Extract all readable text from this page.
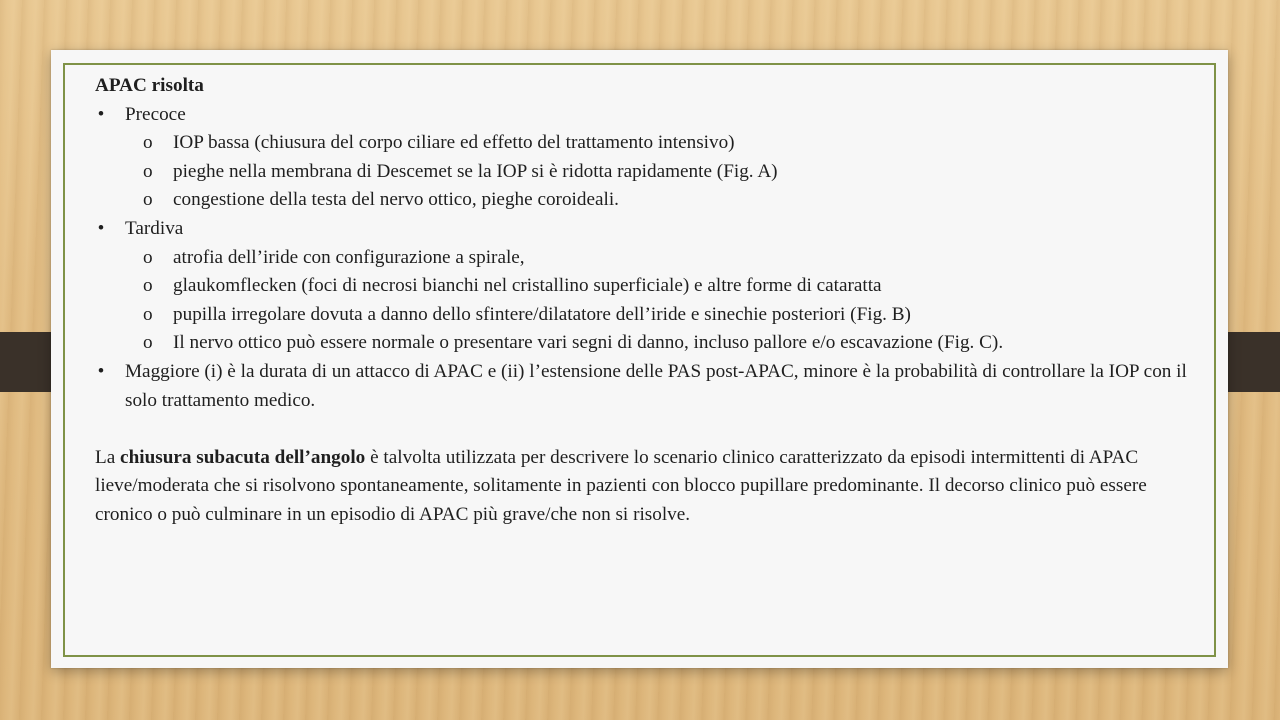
APAC risolta
• Precoce
o IOP bassa (chiusura del corpo ciliare ed effetto del trattamento intensivo)
o pieghe nella membrana di Descemet se la IOP si è ridotta rapidamente (Fig. A)
o congestione della testa del nervo ottico, pieghe coroideali.
• Tardiva
o atrofia dell’iride con configurazione a spirale,
o glaukomflecken (foci di necrosi bianchi nel cristallino superficiale) e altre forme di cataratta
o pupilla irregolare dovuta a danno dello sfintere/dilatatore dell’iride e sinechie posteriori (Fig. B)
o Il nervo ottico può essere normale o presentare vari segni di danno, incluso pallore e/o escavazione (Fig. C).
• Maggiore (i) è la durata di un attacco di APAC e (ii) l’estensione delle PAS post-APAC, minore è la probabilità di controllare la IOP con il solo trattamento medico.
La chiusura subacuta dell’angolo è talvolta utilizzata per descrivere lo scenario clinico caratterizzato da episodi intermittenti di APAC lieve/moderata che si risolvono spontaneamente, solitamente in pazienti con blocco pupillare predominante. Il decorso clinico può essere cronico o può culminare in un episodio di APAC più grave/che non si risolve.
